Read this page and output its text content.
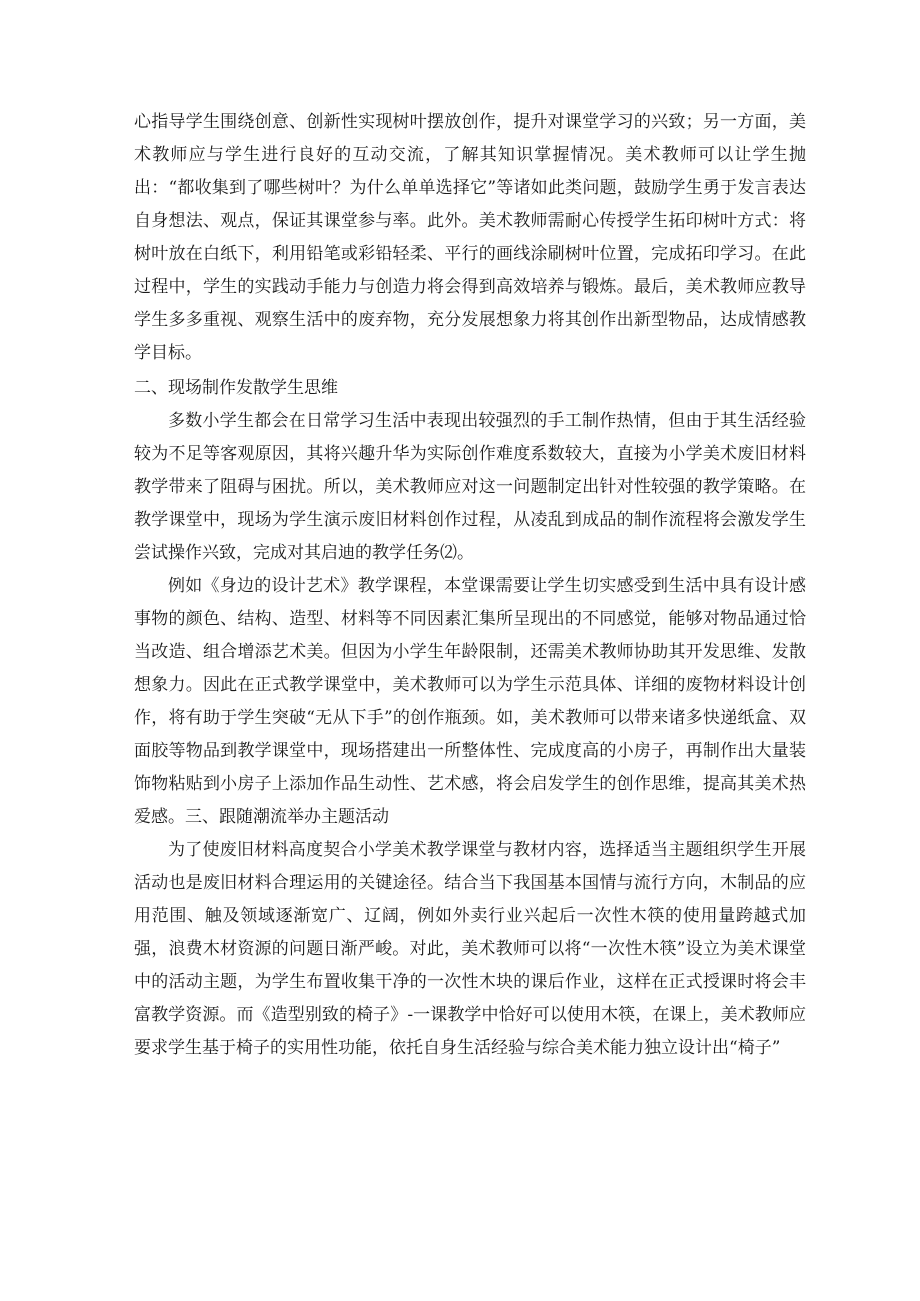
心指导学生围绕创意、创新性实现树叶摆放创作，提升对课堂学习的兴致；另一方面，美术教师应与学生进行良好的互动交流，了解其知识掌握情况。美术教师可以让学生抛出：“都收集到了哪些树叶？为什么单单选择它”等诸如此类问题，鼓励学生勇于发言表达自身想法、观点，保证其课堂参与率。此外。美术教师需耐心传授学生拓印树叶方式：将树叶放在白纸下，利用铅笔或彩铅轻柔、平行的画线涂刷树叶位置，完成拓印学习。在此过程中，学生的实践动手能力与创造力将会得到高效培养与锻炼。最后，美术教师应教导学生多多重视、观察生活中的废弃物，充分发展想象力将其创作出新型物品，达成情感教学目标。

二、现场制作发散学生思维

多数小学生都会在日常学习生活中表现出较强烈的手工制作热情，但由于其生活经验较为不足等客观原因，其将兴趣升华为实际创作难度系数较大，直接为小学美术废旧材料教学带来了阻碍与困扰。所以，美术教师应对这一问题制定出针对性较强的教学策略。在教学课堂中，现场为学生演示废旧材料创作过程，从凌乱到成品的制作流程将会激发学生尝试操作兴致，完成对其启迪的教学任务⑵。

例如《身边的设计艺术》教学课程，本堂课需要让学生切实感受到生活中具有设计感事物的颜色、结构、造型、材料等不同因素汇集所呈现出的不同感觉，能够对物品通过恰当改造、组合增添艺术美。但因为小学生年龄限制，还需美术教师协助其开发思维、发散想象力。因此在正式教学课堂中，美术教师可以为学生示范具体、详细的废物材料设计创作，将有助于学生突破“无从下手”的创作瓶颈。如，美术教师可以带来诸多快递纸盒、双面胶等物品到教学课堂中，现场搭建出一所整体性、完成度高的小房子，再制作出大量装饰物粘贴到小房子上添加作品生动性、艺术感，将会启发学生的创作思维，提高其美术热爱感。三、跟随潮流举办主题活动

为了使废旧材料高度契合小学美术教学课堂与教材内容，选择适当主题组织学生开展活动也是废旧材料合理运用的关键途径。结合当下我国基本国情与流行方向，木制品的应用范围、触及领域逐渐宽广、辽阔，例如外卖行业兴起后一次性木筷的使用量跨越式加强，浪费木材资源的问题日渐严峻。对此，美术教师可以将“一次性木筷”设立为美术课堂中的活动主题，为学生布置收集干净的一次性木块的课后作业，这样在正式授课时将会丰富教学资源。而《造型别致的椅子》-一课教学中恰好可以使用木筷，在课上，美术教师应要求学生基于椅子的实用性功能，依托自身生活经验与综合美术能力独立设计出“椅子”
